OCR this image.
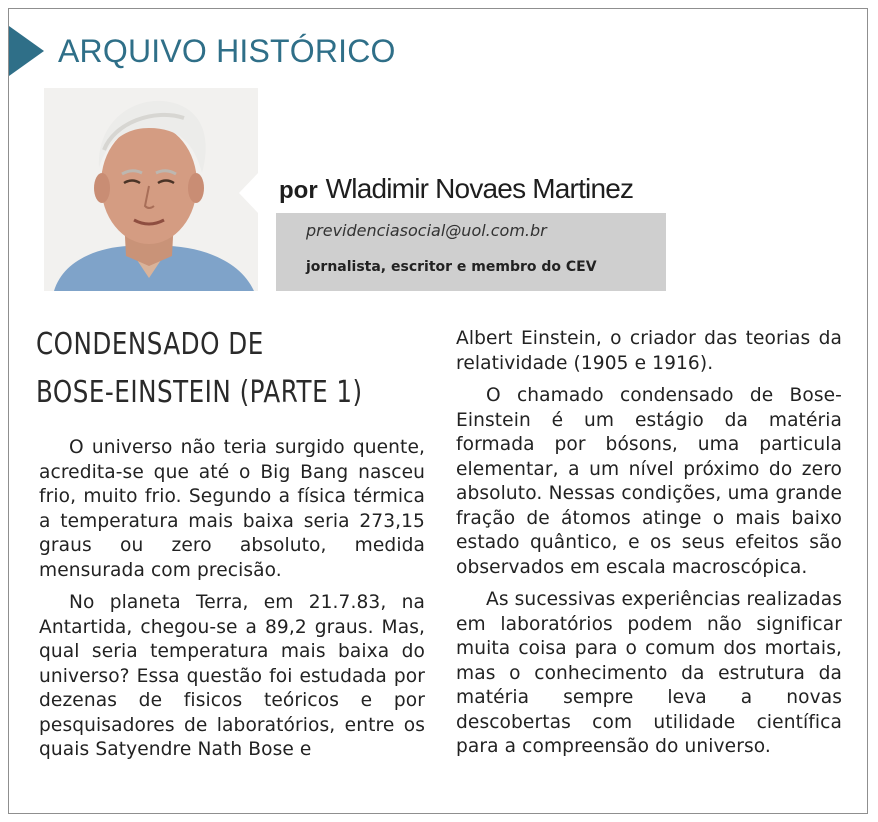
ARQUIVO HISTÓRICO
por Wladimir Novaes Martinez
previdenciasocial@uol.com.br
jornalista, escritor e membro do CEV
CONDENSADO DE
BOSE-EINSTEIN (PARTE 1)

O universo não teria surgido quente, acredita-se que até o Big Bang nasceu frio, muito frio. Segundo a física térmica a temperatura mais baixa seria 273,15 graus ou zero absoluto, medida mensurada com precisão.

No planeta Terra, em 21.7.83, na Antartida, chegou-se a 89,2 graus. Mas, qual seria temperatura mais baixa do universo? Essa questão foi estudada por dezenas de fisicos teóricos e por pesquisadores de laboratórios, entre os quais Satyendre Nath Bose e

Albert Einstein, o criador das teorias da relatividade (1905 e 1916).

O chamado condensado de Bose-Einstein é um estágio da matéria formada por bósons, uma particula elementar, a um nível próximo do zero absoluto. Nessas condições, uma grande fração de átomos atinge o mais baixo estado quântico, e os seus efeitos são observados em escala macroscópica.

As sucessivas experiências realizadas em laboratórios podem não significar muita coisa para o comum dos mortais, mas o conhecimento da estrutura da matéria sempre leva a novas descobertas com utilidade científica para a compreensão do universo.
